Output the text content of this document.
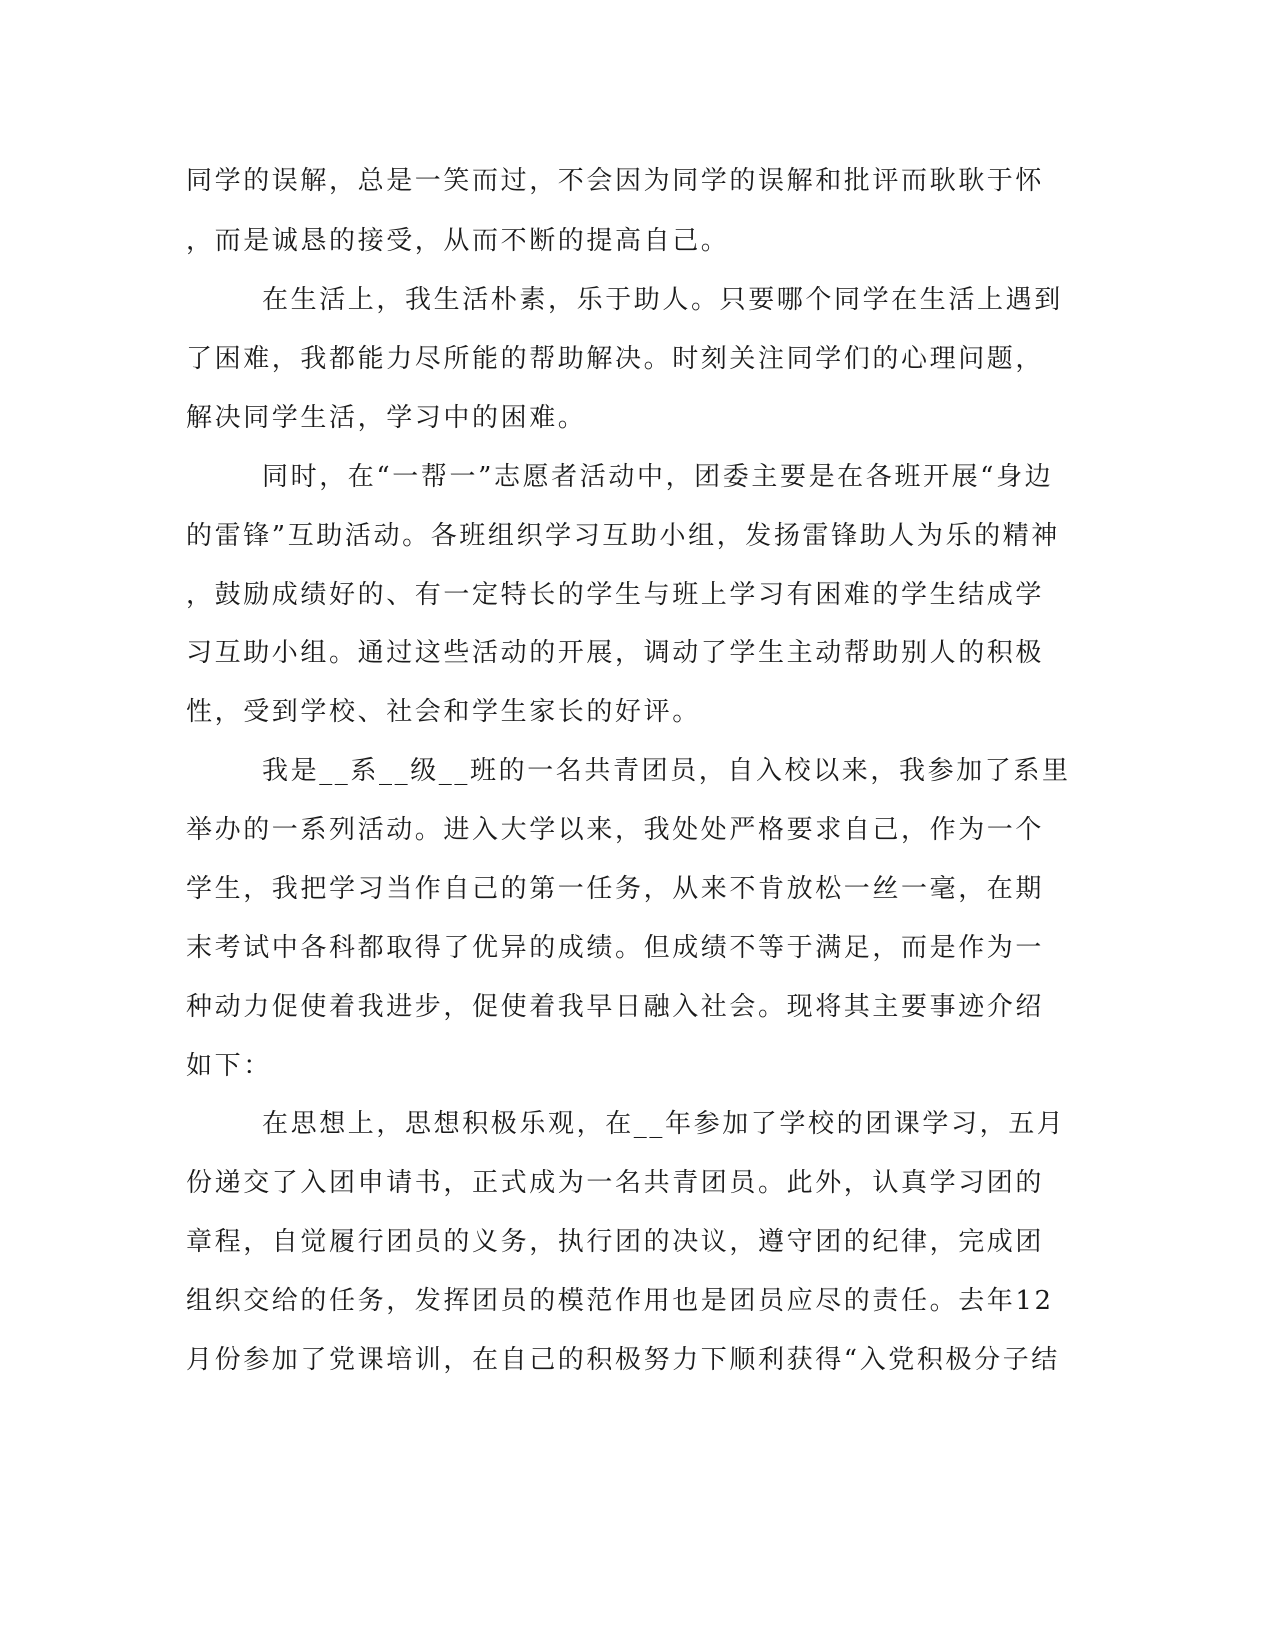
同学的误解，总是一笑而过，不会因为同学的误解和批评而耿耿于怀
，而是诚恳的接受，从而不断的提高自己。
在生活上，我生活朴素，乐于助人。只要哪个同学在生活上遇到
了困难，我都能力尽所能的帮助解决。时刻关注同学们的心理问题，
解决同学生活，学习中的困难。
同时，在“一帮一”志愿者活动中，团委主要是在各班开展“身边
的雷锋”互助活动。各班组织学习互助小组，发扬雷锋助人为乐的精神
，鼓励成绩好的、有一定特长的学生与班上学习有困难的学生结成学
习互助小组。通过这些活动的开展，调动了学生主动帮助别人的积极
性，受到学校、社会和学生家长的好评。
我是__系__级__班的一名共青团员，自入校以来，我参加了系里
举办的一系列活动。进入大学以来，我处处严格要求自己，作为一个
学生，我把学习当作自己的第一任务，从来不肯放松一丝一毫，在期
末考试中各科都取得了优异的成绩。但成绩不等于满足，而是作为一
种动力促使着我进步，促使着我早日融入社会。现将其主要事迹介绍
如下：
在思想上，思想积极乐观，在__年参加了学校的团课学习，五月
份递交了入团申请书，正式成为一名共青团员。此外，认真学习团的
章程，自觉履行团员的义务，执行团的决议，遵守团的纪律，完成团
组织交给的任务，发挥团员的模范作用也是团员应尽的责任。去年12
月份参加了党课培训，在自己的积极努力下顺利获得“入党积极分子结
